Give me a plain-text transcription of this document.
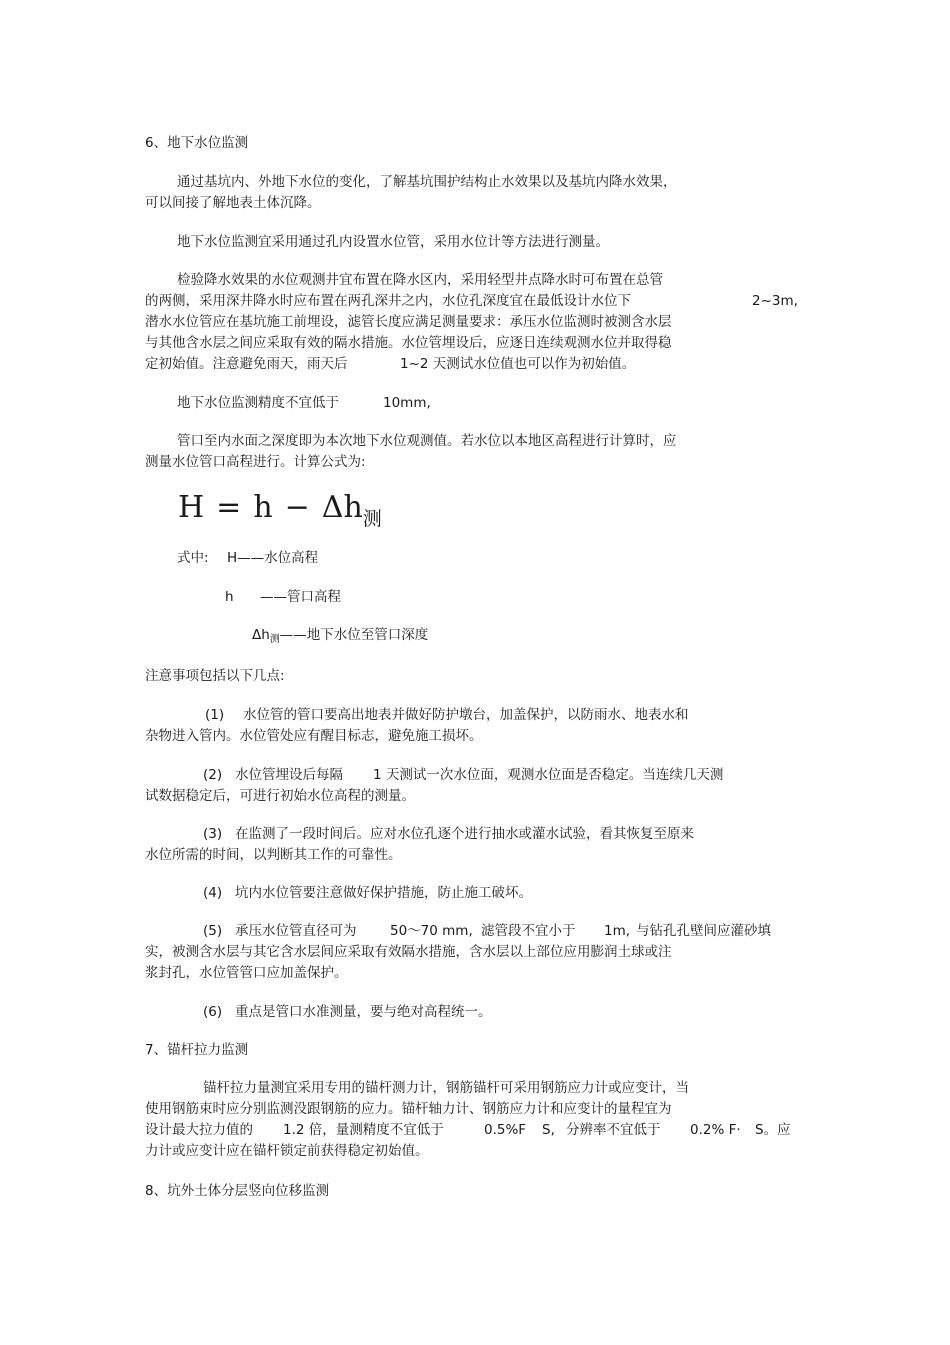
6、地下水位监测
通过基坑内、外地下水位的变化，了解基坑围护结构止水效果以及基坑内降水效果，
可以间接了解地表土体沉降。
地下水位监测宜采用通过孔内设置水位管，采用水位计等方法进行测量。
检验降水效果的水位观测井宜布置在降水区内，采用轻型井点降水时可布置在总管
的两侧，采用深井降水时应布置在两孔深井之内，水位孔深度宜在最低设计水位下	2~3m,
潜水水位管应在基坑施工前埋设，滤管长度应满足测量要求：承压水位监测时被测含水层
与其他含水层之间应采取有效的隔水措施。水位管埋设后，应逐日连续观测水位并取得稳
定初始值。注意避免雨天，雨天后	1~2 天测试水位值也可以作为初始值。
地下水位监测精度不宜低于	10mm,
管口至内水面之深度即为本次地下水位观测值。若水位以本地区高程进行计算时，应
测量水位管口高程进行。计算公式为:
$H = h - \Delta h_测$
式中: H——水位高程
h ——管口高程
$\Delta h_测——$地下水位至管口深度
注意事项包括以下几点:
(1) 水位管的管口要高出地表并做好防护墩台，加盖保护，以防雨水、地表水和
杂物进入管内。水位管处应有醒目标志，避免施工损坏。
(2) 水位管埋设后每隔 1 天测试一次水位面，观测水位面是否稳定。当连续几天测
试数据稳定后，可进行初始水位高程的测量。
(3) 在监测了一段时间后。应对水位孔逐个进行抽水或灌水试验，看其恢复至原来
水位所需的时间，以判断其工作的可靠性。
(4) 坑内水位管要注意做好保护措施，防止施工破坏。
(5) 承压水位管直径可为 50～70 mm, 滤管段不宜小于 1m, 与钻孔孔壁间应灌砂填
实，被测含水层与其它含水层间应采取有效隔水措施，含水层以上部位应用膨润土球或注
浆封孔，水位管管口应加盖保护。
(6) 重点是管口水准测量，要与绝对高程统一。
7、锚杆拉力监测
锚杆拉力量测宜采用专用的锚杆测力计，钢筋锚杆可采用钢筋应力计或应变计，当
使用钢筋束时应分别监测没跟钢筋的应力。锚杆轴力计、钢筋应力计和应变计的量程宜为
设计最大拉力值的 1.2 倍，量测精度不宜低于	0.5%F S, 分辨率不宜低于 0.2% F· S。应
力计或应变计应在锚杆锁定前获得稳定初始值。
8、坑外土体分层竖向位移监测
